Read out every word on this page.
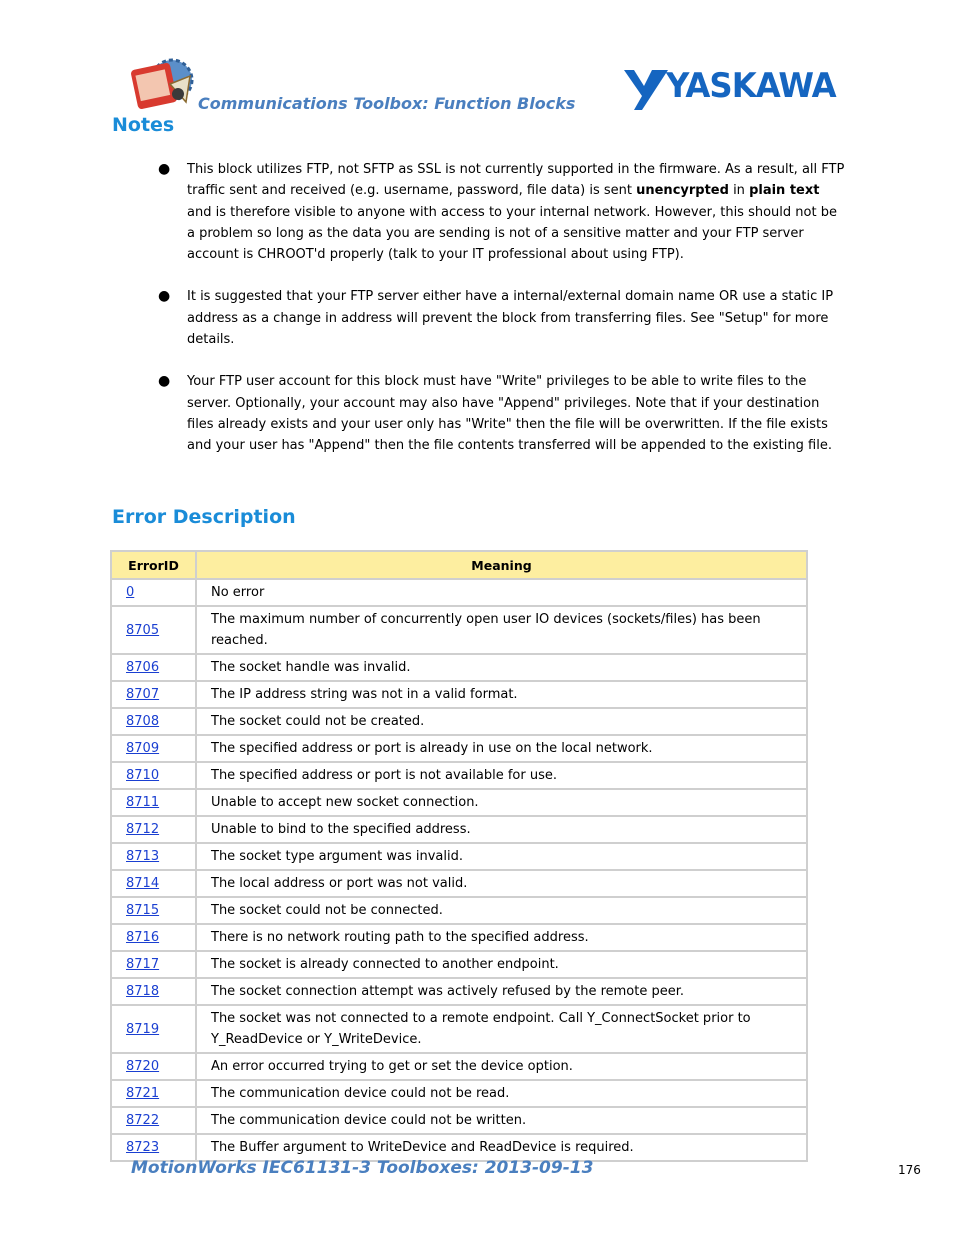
Communications Toolbox: Function Blocks	YASKAWA
Notes
● This block utilizes FTP, not SFTP as SSL is not currently supported in the firmware. As a result, all FTP traffic sent and received (e.g. username, password, file data) is sent unencyrpted in plain text and is therefore visible to anyone with access to your internal network. However, this should not be a problem so long as the data you are sending is not of a sensitive matter and your FTP server account is CHROOT'd properly (talk to your IT professional about using FTP).
● It is suggested that your FTP server either have a internal/external domain name OR use a static IP address as a change in address will prevent the block from transferring files. See "Setup" for more details.
● Your FTP user account for this block must have "Write" privileges to be able to write files to the server. Optionally, your account may also have "Append" privileges. Note that if your destination files already exists and your user only has "Write" then the file will be overwritten. If the file exists and your user has "Append" then the file contents transferred will be appended to the existing file.
Error Description
ErrorID	Meaning
0	No error
8705	The maximum number of concurrently open user IO devices (sockets/files) has been reached.
8706	The socket handle was invalid.
8707	The IP address string was not in a valid format.
8708	The socket could not be created.
8709	The specified address or port is already in use on the local network.
8710	The specified address or port is not available for use.
8711	Unable to accept new socket connection.
8712	Unable to bind to the specified address.
8713	The socket type argument was invalid.
8714	The local address or port was not valid.
8715	The socket could not be connected.
8716	There is no network routing path to the specified address.
8717	The socket is already connected to another endpoint.
8718	The socket connection attempt was actively refused by the remote peer.
8719	The socket was not connected to a remote endpoint. Call Y_ConnectSocket prior to Y_ReadDevice or Y_WriteDevice.
8720	An error occurred trying to get or set the device option.
8721	The communication device could not be read.
8722	The communication device could not be written.
8723	The Buffer argument to WriteDevice and ReadDevice is required.
MotionWorks IEC61131-3 Toolboxes: 2013-09-13	176
